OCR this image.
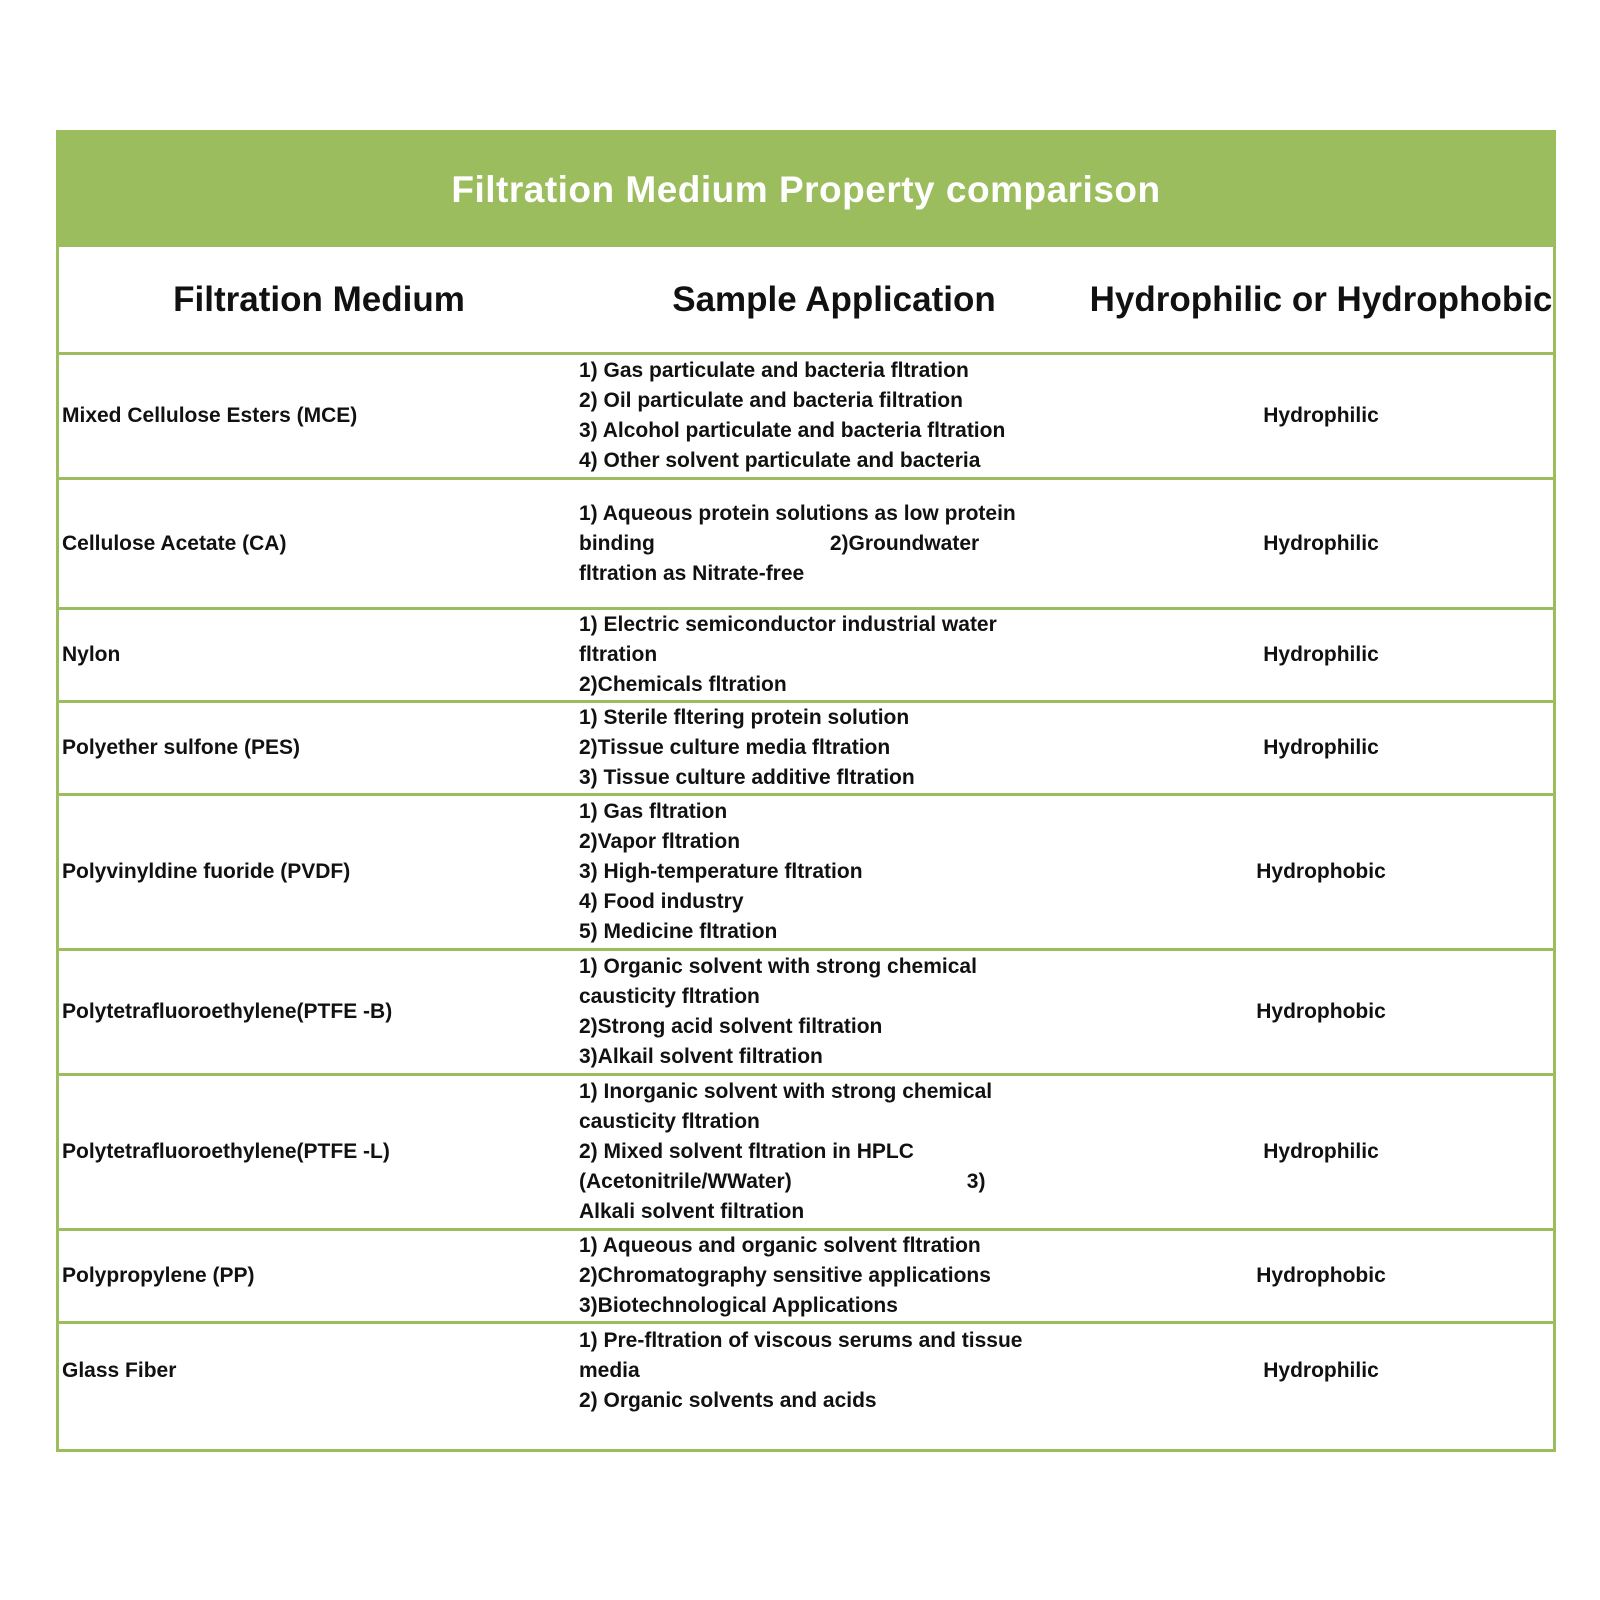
Filtration Medium Property comparison
Filtration Medium	Sample Application	Hydrophilic or Hydrophobic
Mixed Cellulose Esters (MCE)
1) Gas particulate and bacteria fltration
2) Oil particulate and bacteria filtration
3) Alcohol particulate and bacteria fltration
4) Other solvent particulate and bacteria
Hydrophilic
Cellulose Acetate (CA)
1) Aqueous protein solutions as low protein
binding                              2)Groundwater
fltration as Nitrate-free
Hydrophilic
Nylon
1) Electric semiconductor industrial water
fltration
2)Chemicals fltration
Hydrophilic
Polyether sulfone (PES)
1) Sterile fltering protein solution
2)Tissue culture media fltration
3) Tissue culture additive fltration
Hydrophilic
Polyvinyldine fuoride (PVDF)
1) Gas fltration
2)Vapor fltration
3) High-temperature fltration
4) Food industry
5) Medicine fltration
Hydrophobic
Polytetrafluoroethylene(PTFE -B)
1) Organic solvent with strong chemical
causticity fltration
2)Strong acid solvent filtration
3)Alkail solvent filtration
Hydrophobic
Polytetrafluoroethylene(PTFE -L)
1) Inorganic solvent with strong chemical
causticity fltration
2) Mixed solvent fltration in HPLC
(Acetonitrile/WWater)                              3)
Alkali solvent filtration
Hydrophilic
Polypropylene (PP)
1) Aqueous and organic solvent fltration
2)Chromatography sensitive applications
3)Biotechnological Applications
Hydrophobic
Glass Fiber
1) Pre-fltration of viscous serums and tissue
media
2) Organic solvents and acids
Hydrophilic
